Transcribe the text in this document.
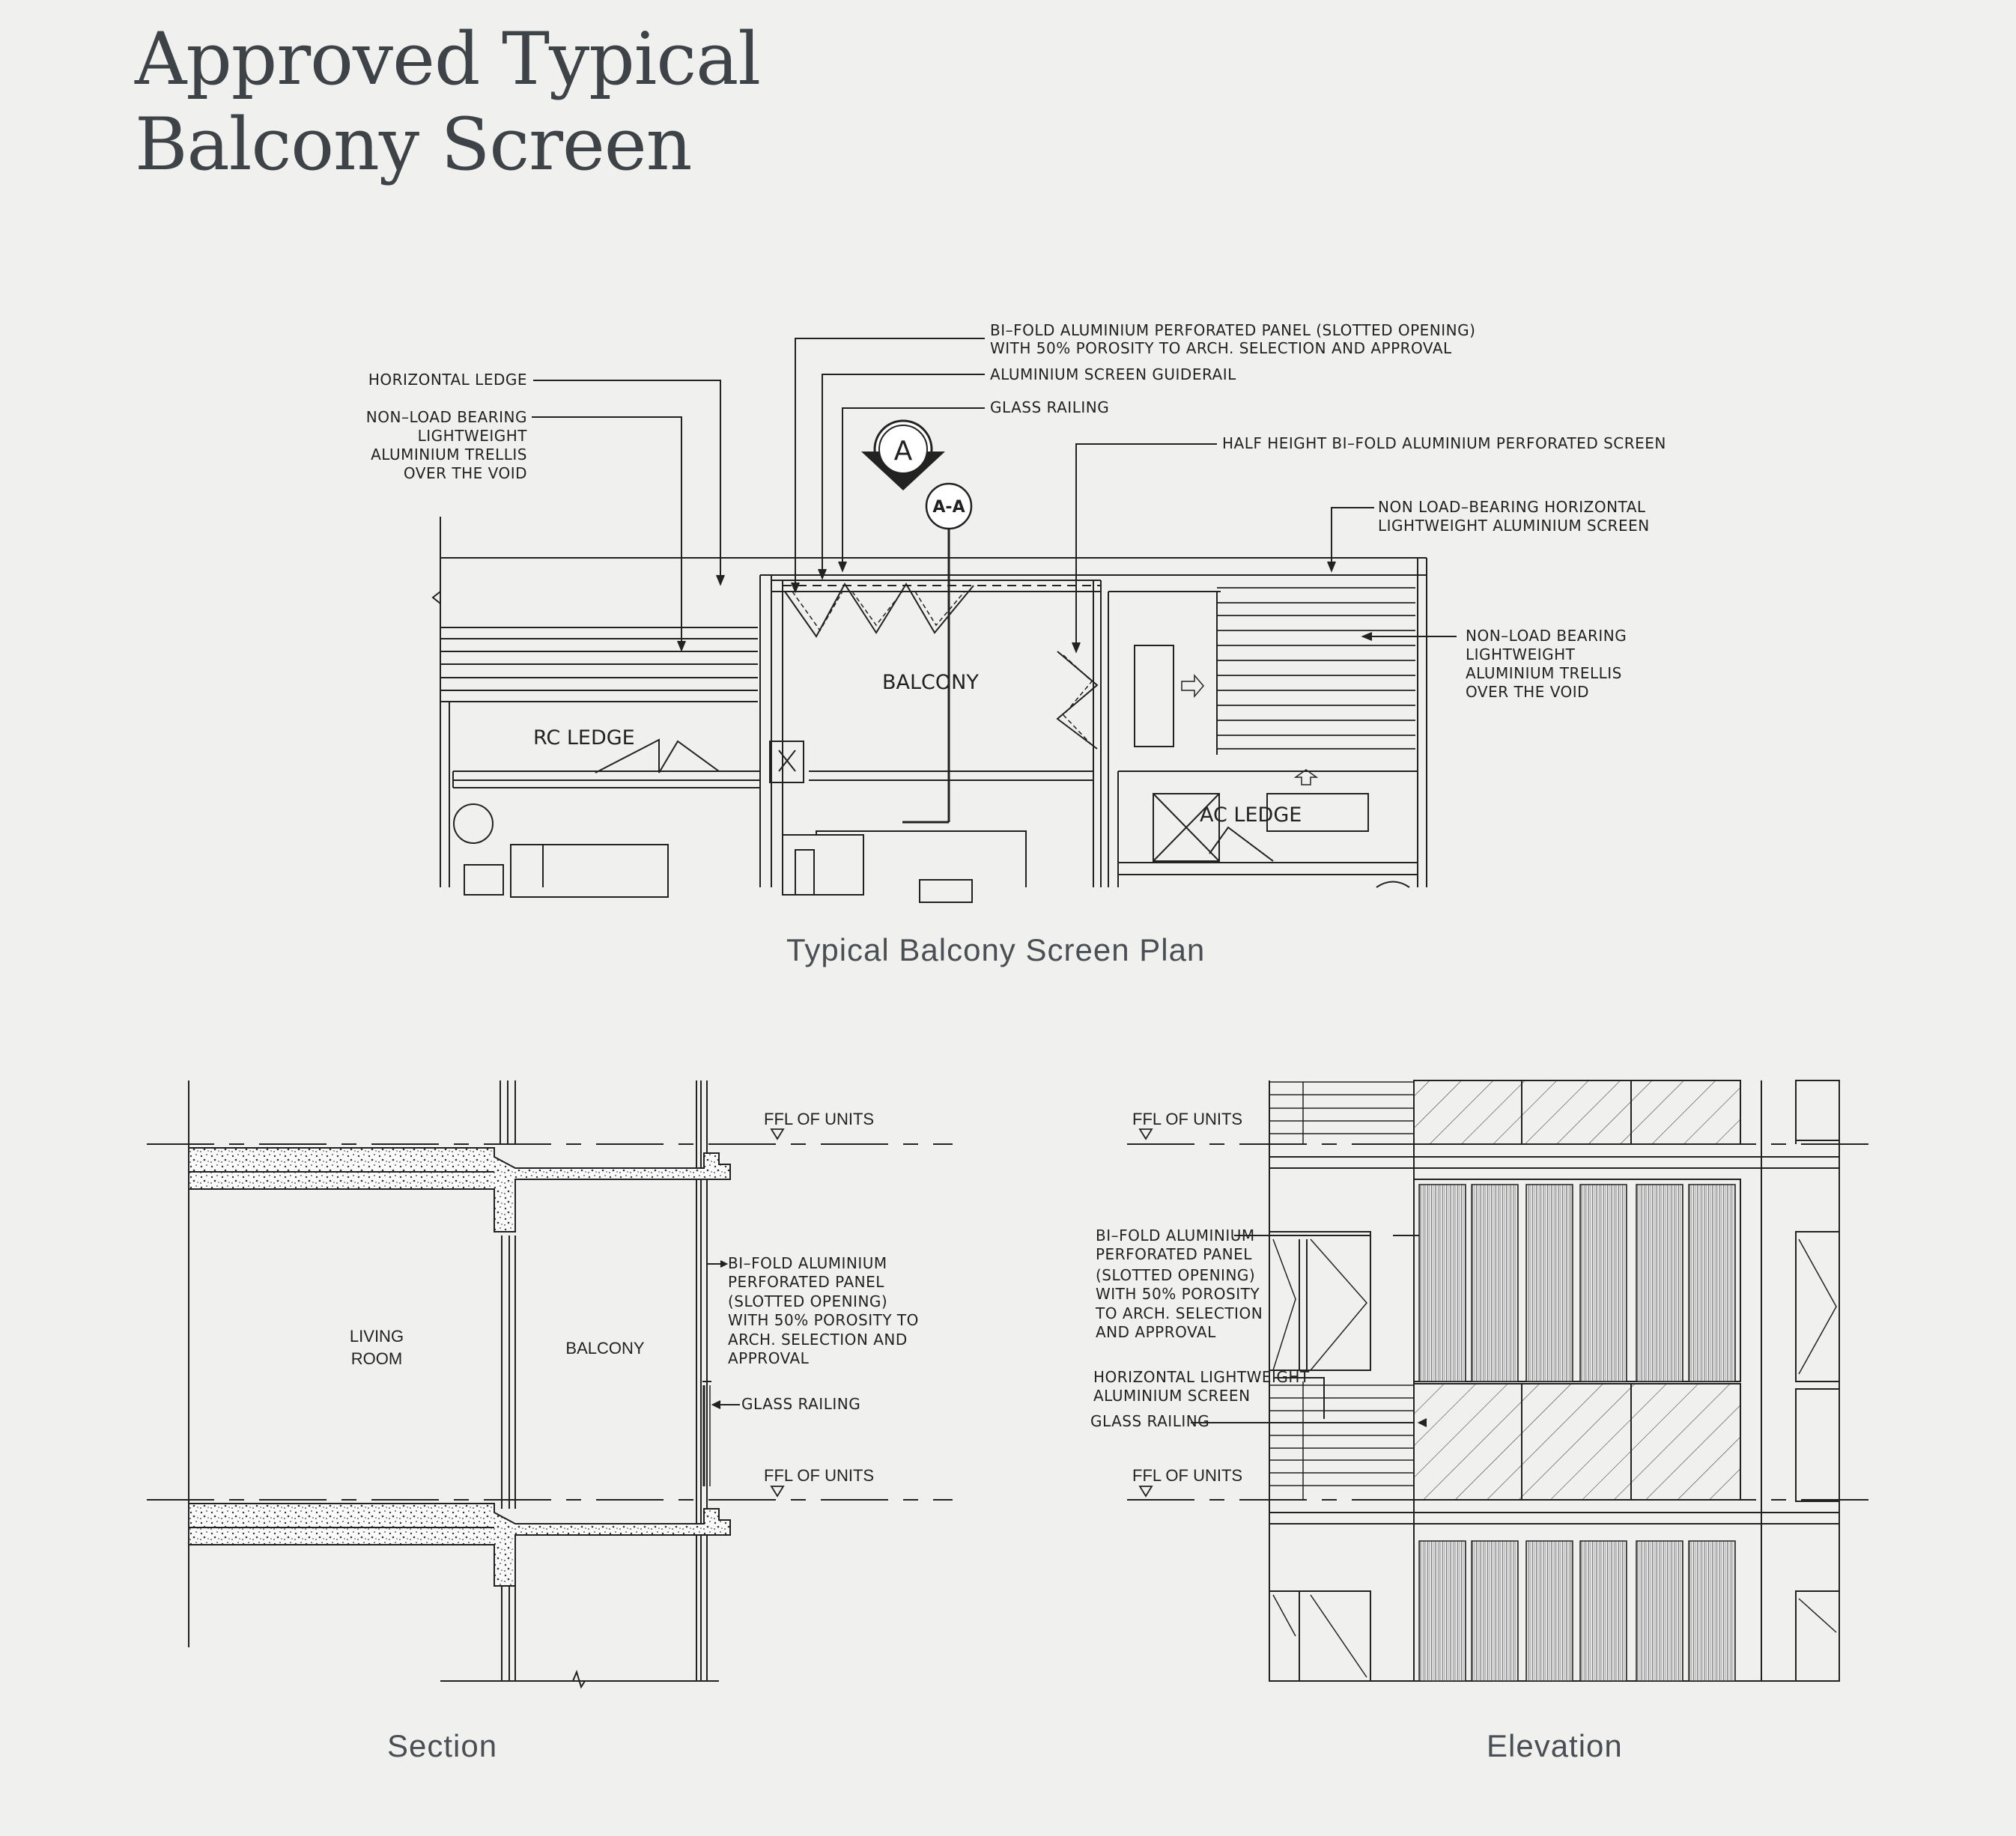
Approved Typical
Balcony Screen
BI–FOLD ALUMINIUM PERFORATED PANEL (SLOTTED OPENING)
WITH 50% POROSITY TO ARCH. SELECTION AND APPROVAL
ALUMINIUM SCREEN GUIDERAIL
GLASS RAILING
HALF HEIGHT BI–FOLD ALUMINIUM PERFORATED SCREEN
HORIZONTAL LEDGE
NON–LOAD BEARING
LIGHTWEIGHT
ALUMINIUM TRELLIS
OVER THE VOID
NON LOAD–BEARING HORIZONTAL
LIGHTWEIGHT ALUMINIUM SCREEN
NON–LOAD BEARING
LIGHTWEIGHT
ALUMINIUM TRELLIS
OVER THE VOID
BALCONY
RC LEDGE
AC LEDGE
A
A-A
FFL OF UNITS
FFL OF UNITS
LIVING
ROOM
BALCONY
BI–FOLD ALUMINIUM
PERFORATED PANEL
(SLOTTED OPENING)
WITH 50% POROSITY TO
ARCH. SELECTION AND
APPROVAL
GLASS RAILING
FFL OF UNITS
FFL OF UNITS
BI–FOLD ALUMINIUM
PERFORATED PANEL
(SLOTTED OPENING)
WITH 50% POROSITY
TO ARCH. SELECTION
AND APPROVAL
HORIZONTAL LIGHTWEIGHT
ALUMINIUM SCREEN
GLASS RAILING
Typical Balcony Screen Plan
Section	Elevation
